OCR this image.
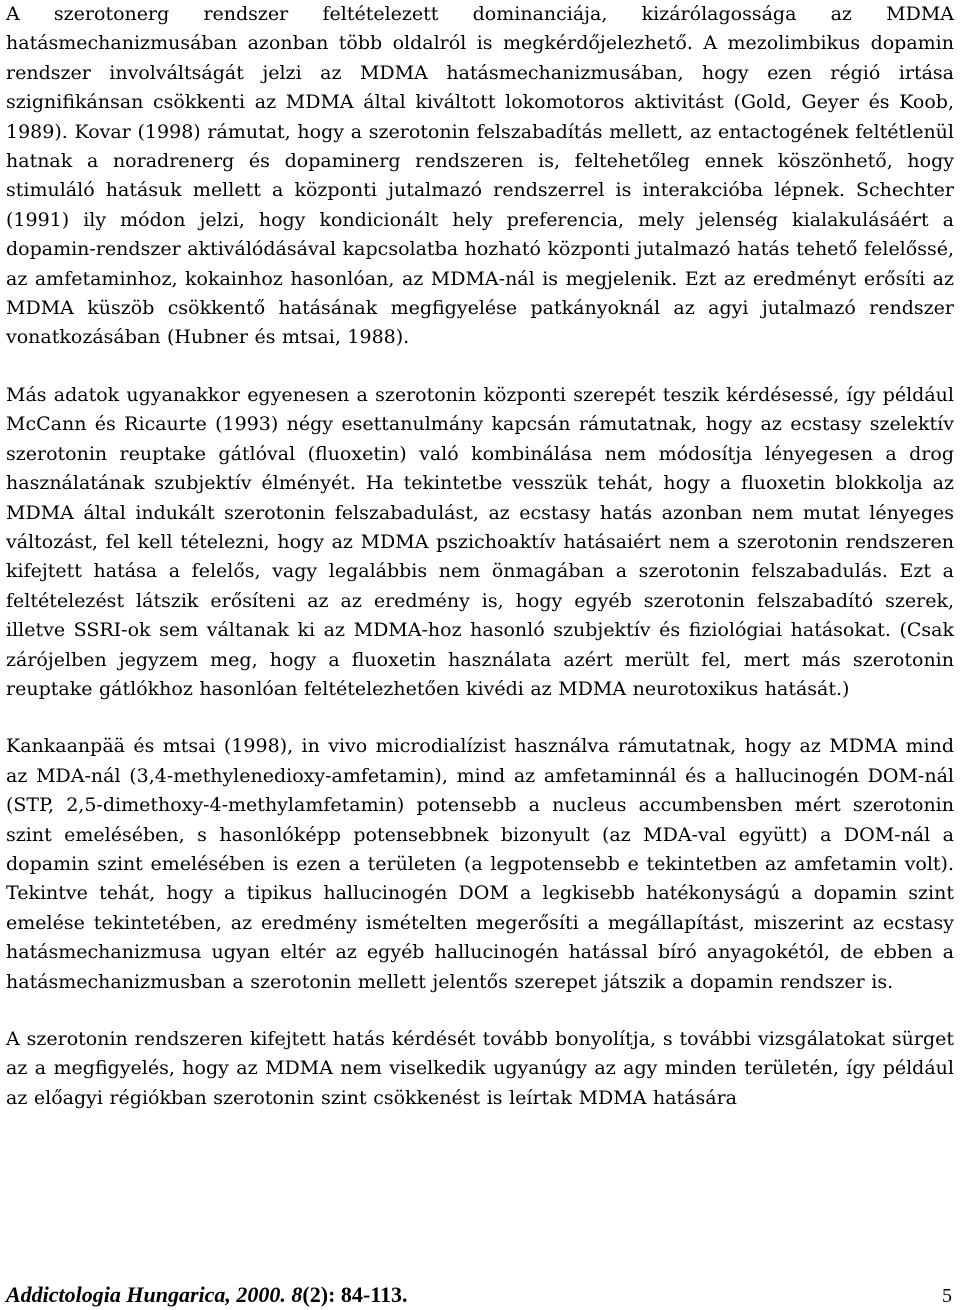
A szerotonerg rendszer feltételezett dominanciája, kizárólagossága az MDMA hatásmechanizmusában azonban több oldalról is megkérdőjelezhető. A mezolimbikus dopamin rendszer involváltságát jelzi az MDMA hatásmechanizmusában, hogy ezen régió irtása szignifikánsan csökkenti az MDMA által kiváltott lokomotoros aktivitást (Gold, Geyer és Koob, 1989). Kovar (1998) rámutat, hogy a szerotonin felszabadítás mellett, az entactogének feltétlenül hatnak a noradrenerg és dopaminerg rendszeren is, feltehetőleg ennek köszönhető, hogy stimuláló hatásuk mellett a központi jutalmazó rendszerrel is interakcióba lépnek. Schechter (1991) ily módon jelzi, hogy kondicionált hely preferencia, mely jelenség kialakulásáért a dopamin-rendszer aktiválódásával kapcsolatba hozható központi jutalmazó hatás tehető felelőssé, az amfetaminhoz, kokainhoz hasonlóan, az MDMA-nál is megjelenik. Ezt az eredményt erősíti az MDMA küszöb csökkentő hatásának megfigyelése patkányoknál az agyi jutalmazó rendszer vonatkozásában (Hubner és mtsai, 1988).

Más adatok ugyanakkor egyenesen a szerotonin központi szerepét teszik kérdésessé, így például McCann és Ricaurte (1993) négy esettanulmány kapcsán rámutatnak, hogy az ecstasy szelektív szerotonin reuptake gátlóval (fluoxetin) való kombinálása nem módosítja lényegesen a drog használatának szubjektív élményét. Ha tekintetbe vesszük tehát, hogy a fluoxetin blokkolja az MDMA által indukált szerotonin felszabadulást, az ecstasy hatás azonban nem mutat lényeges változást, fel kell tételezni, hogy az MDMA pszichoaktív hatásaiért nem a szerotonin rendszeren kifejtett hatása a felelős, vagy legalábbis nem önmagában a szerotonin felszabadulás. Ezt a feltételezést látszik erősíteni az az eredmény is, hogy egyéb szerotonin felszabadító szerek, illetve SSRI-ok sem váltanak ki az MDMA-hoz hasonló szubjektív és fiziológiai hatásokat. (Csak zárójelben jegyzem meg, hogy a fluoxetin használata azért merült fel, mert más szerotonin reuptake gátlókhoz hasonlóan feltételezhetően kivédi az MDMA neurotoxikus hatását.)

Kankaanpää és mtsai (1998), in vivo microdialízist használva rámutatnak, hogy az MDMA mind az MDA-nál (3,4-methylenedioxy-amfetamin), mind az amfetaminnál és a hallucinogén DOM-nál (STP, 2,5-dimethoxy-4-methylamfetamin) potensebb a nucleus accumbensben mért szerotonin szint emelésében, s hasonlóképp potensebbnek bizonyult (az MDA-val együtt) a DOM-nál a dopamin szint emelésében is ezen a területen (a legpotensebb e tekintetben az amfetamin volt). Tekintve tehát, hogy a tipikus hallucinogén DOM a legkisebb hatékonyságú a dopamin szint emelése tekintetében, az eredmény ismételten megerősíti a megállapítást, miszerint az ecstasy hatásmechanizmusa ugyan eltér az egyéb hallucinogén hatással bíró anyagokétól, de ebben a hatásmechanizmusban a szerotonin mellett jelentős szerepet játszik a dopamin rendszer is.

A szerotonin rendszeren kifejtett hatás kérdését tovább bonyolítja, s további vizsgálatokat sürget az a megfigyelés, hogy az MDMA nem viselkedik ugyanúgy az agy minden területén, így például az előagyi régiókban szerotonin szint csökkenést is leírtak MDMA hatására

Addictologia Hungarica, 2000. 8(2): 84-113.	5
